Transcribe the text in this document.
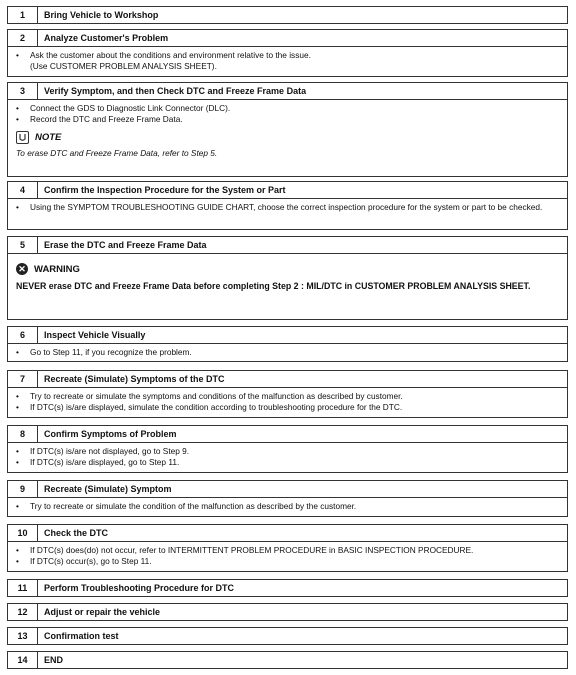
1	Bring Vehicle to Workshop
2	Analyze Customer's Problem
•	Ask the customer about the conditions and environment relative to the issue.
(Use CUSTOMER PROBLEM ANALYSIS SHEET).
3	Verify Symptom, and then Check DTC and Freeze Frame Data
•	Connect the GDS to Diagnostic Link Connector (DLC).
•	Record the DTC and Freeze Frame Data.
NOTE
To erase DTC and Freeze Frame Data, refer to Step 5.
4	Confirm the Inspection Procedure for the System or Part
•	Using the SYMPTOM TROUBLESHOOTING GUIDE CHART, choose the correct inspection procedure for the system or part to be checked.
5	Erase the DTC and Freeze Frame Data
✕ WARNING
NEVER erase DTC and Freeze Frame Data before completing Step 2 : MIL/DTC in CUSTOMER PROBLEM ANALYSIS SHEET.
6	Inspect Vehicle Visually
•	Go to Step 11, if you recognize the problem.
7	Recreate (Simulate) Symptoms of the DTC
•	Try to recreate or simulate the symptoms and conditions of the malfunction as described by customer.
•	If DTC(s) is/are displayed, simulate the condition according to troubleshooting procedure for the DTC.
8	Confirm Symptoms of Problem
•	If DTC(s) is/are not displayed, go to Step 9.
•	If DTC(s) is/are displayed, go to Step 11.
9	Recreate (Simulate) Symptom
•	Try to recreate or simulate the condition of the malfunction as described by the customer.
10	Check the DTC
•	If DTC(s) does(do) not occur, refer to INTERMITTENT PROBLEM PROCEDURE in BASIC INSPECTION PROCEDURE.
•	If DTC(s) occur(s), go to Step 11.
11	Perform Troubleshooting Procedure for DTC
12	Adjust or repair the vehicle
13	Confirmation test
14	END
